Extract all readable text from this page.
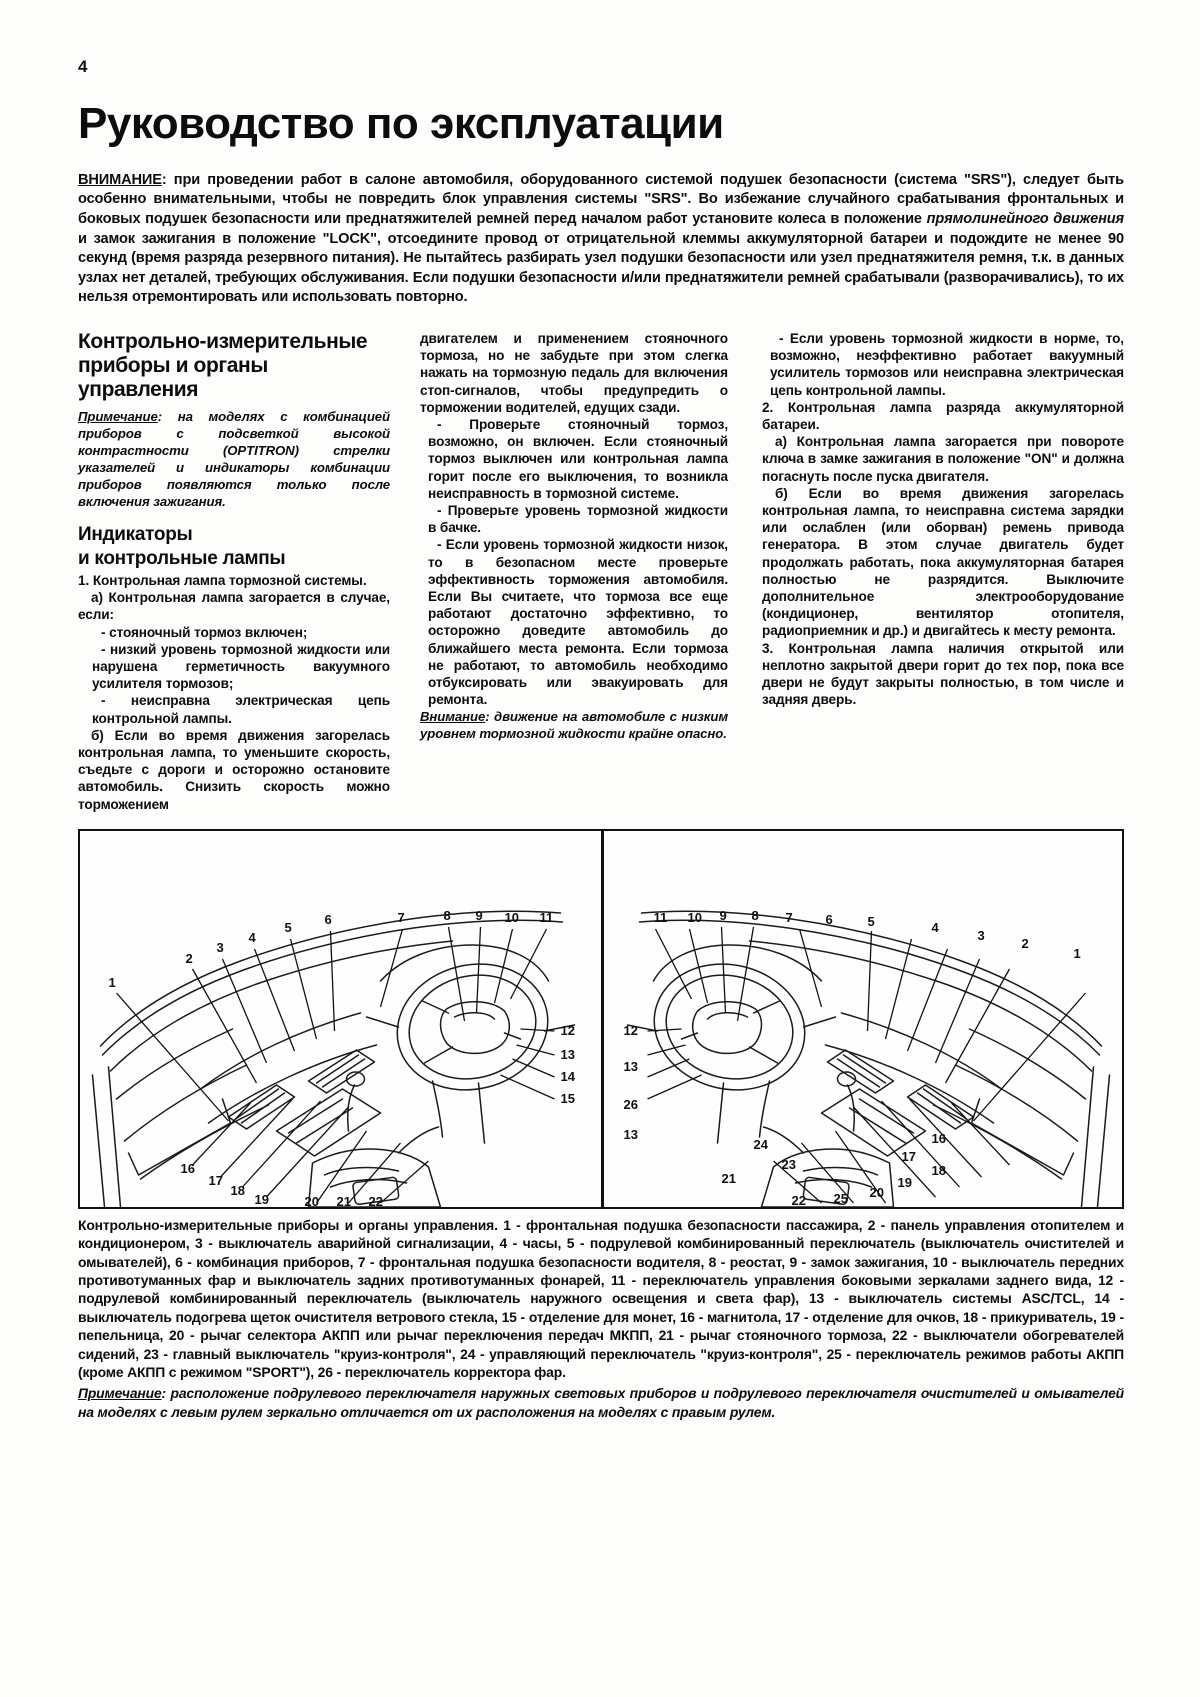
4
Руководство по эксплуатации

ВНИМАНИЕ: при проведении работ в салоне автомобиля, оборудованного системой подушек безопасности (система "SRS"), следует быть особенно внимательными, чтобы не повредить блок управления системы "SRS". Во избежание случайного срабатывания фронтальных и боковых подушек безопасности или преднатяжителей ремней перед началом работ установите колеса в положение прямолинейного движения и замок зажигания в положение "LOCK", отсоедините провод от отрицательной клеммы аккумуляторной батареи и подождите не менее 90 секунд (время разряда резервного питания). Не пытайтесь разбирать узел подушки безопасности или узел преднатяжителя ремня, т.к. в данных узлах нет деталей, требующих обслуживания. Если подушки безопасности и/или преднатяжители ремней срабатывали (разворачивались), то их нельзя отремонтировать или использовать повторно.

Контрольно-измерительные приборы и органы управления

Примечание: на моделях с комбинацией приборов с подсветкой высокой контрастности (OPTITRON) стрелки указателей и индикаторы комбинации приборов появляются только после включения зажигания.

Индикаторы
и контрольные лампы

1. Контрольная лампа тормозной системы.

а) Контрольная лампа загорается в случае, если:

- стояночный тормоз включен;

- низкий уровень тормозной жидкости или нарушена герметичность вакуумного усилителя тормозов;

- неисправна электрическая цепь контрольной лампы.

б) Если во время движения загорелась контрольная лампа, то уменьшите скорость, съедьте с дороги и осторожно остановите автомобиль. Снизить скорость можно торможением

двигателем и применением стояночного тормоза, но не забудьте при этом слегка нажать на тормозную педаль для включения стоп-сигналов, чтобы предупредить о торможении водителей, едущих сзади.

- Проверьте стояночный тормоз, возможно, он включен. Если стояночный тормоз выключен или контрольная лампа горит после его выключения, то возникла неисправность в тормозной системе.

- Проверьте уровень тормозной жидкости в бачке.

- Если уровень тормозной жидкости низок, то в безопасном месте проверьте эффективность торможения автомобиля. Если Вы считаете, что тормоза все еще работают достаточно эффективно, то осторожно доведите автомобиль до ближайшего места ремонта. Если тормоза не работают, то автомобиль необходимо отбуксировать или эвакуировать для ремонта.

Внимание: движение на автомобиле с низким уровнем тормозной жидкости крайне опасно.

- Если уровень тормозной жидкости в норме, то, возможно, неэффективно работает вакуумный усилитель тормозов или неисправна электрическая цепь контрольной лампы.

2. Контрольная лампа разряда аккумуляторной батареи.

а) Контрольная лампа загорается при повороте ключа в замке зажигания в положение "ON" и должна погаснуть после пуска двигателя.

б) Если во время движения загорелась контрольная лампа, то неисправна система зарядки или ослаблен (или оборван) ремень привода генератора. В этом случае двигатель будет продолжать работать, пока аккумуляторная батарея полностью не разрядится. Выключите дополнительное электрооборудование (кондиционер, вентилятор отопителя, радиоприемник и др.) и двигайтесь к месту ремонта.

3. Контрольная лампа наличия открытой или неплотно закрытой двери горит до тех пор, пока все двери не будут закрыты полностью, в том числе и задняя дверь.

1
2
3
4
5
6	7	8 9 10 11
12
13
14
15
16
17
18
19	20 21 22
11 10 9 8 7	6	5	4
3
2
1
12
13
26
13
24
23
21
16
17
18
19
20
25
22

Контрольно-измерительные приборы и органы управления. 1 - фронтальная подушка безопасности пассажира, 2 - панель управления отопителем и кондиционером, 3 - выключатель аварийной сигнализации, 4 - часы, 5 - подрулевой комбинированный переключатель (выключатель очистителей и омывателей), 6 - комбинация приборов, 7 - фронтальная подушка безопасности водителя, 8 - реостат, 9 - замок зажигания, 10 - выключатель передних противотуманных фар и выключатель задних противотуманных фонарей, 11 - переключатель управления боковыми зеркалами заднего вида, 12 - подрулевой комбинированный переключатель (выключатель наружного освещения и света фар), 13 - выключатель системы ASC/TCL, 14 - выключатель подогрева щеток очистителя ветрового стекла, 15 - отделение для монет, 16 - магнитола, 17 - отделение для очков, 18 - прикуриватель, 19 - пепельница, 20 - рычаг селектора АКПП или рычаг переключения передач МКПП, 21 - рычаг стояночного тормоза, 22 - выключатели обогревателей сидений, 23 - главный выключатель "круиз-контроля", 24 - управляющий переключатель "круиз-контроля", 25 - переключатель режимов работы АКПП (кроме АКПП с режимом "SPORT"), 26 - переключатель корректора фар.

Примечание: расположение подрулевого переключателя наружных световых приборов и подрулевого переключателя очистителей и омывателей на моделях с левым рулем зеркально отличается от их расположения на моделях с правым рулем.
